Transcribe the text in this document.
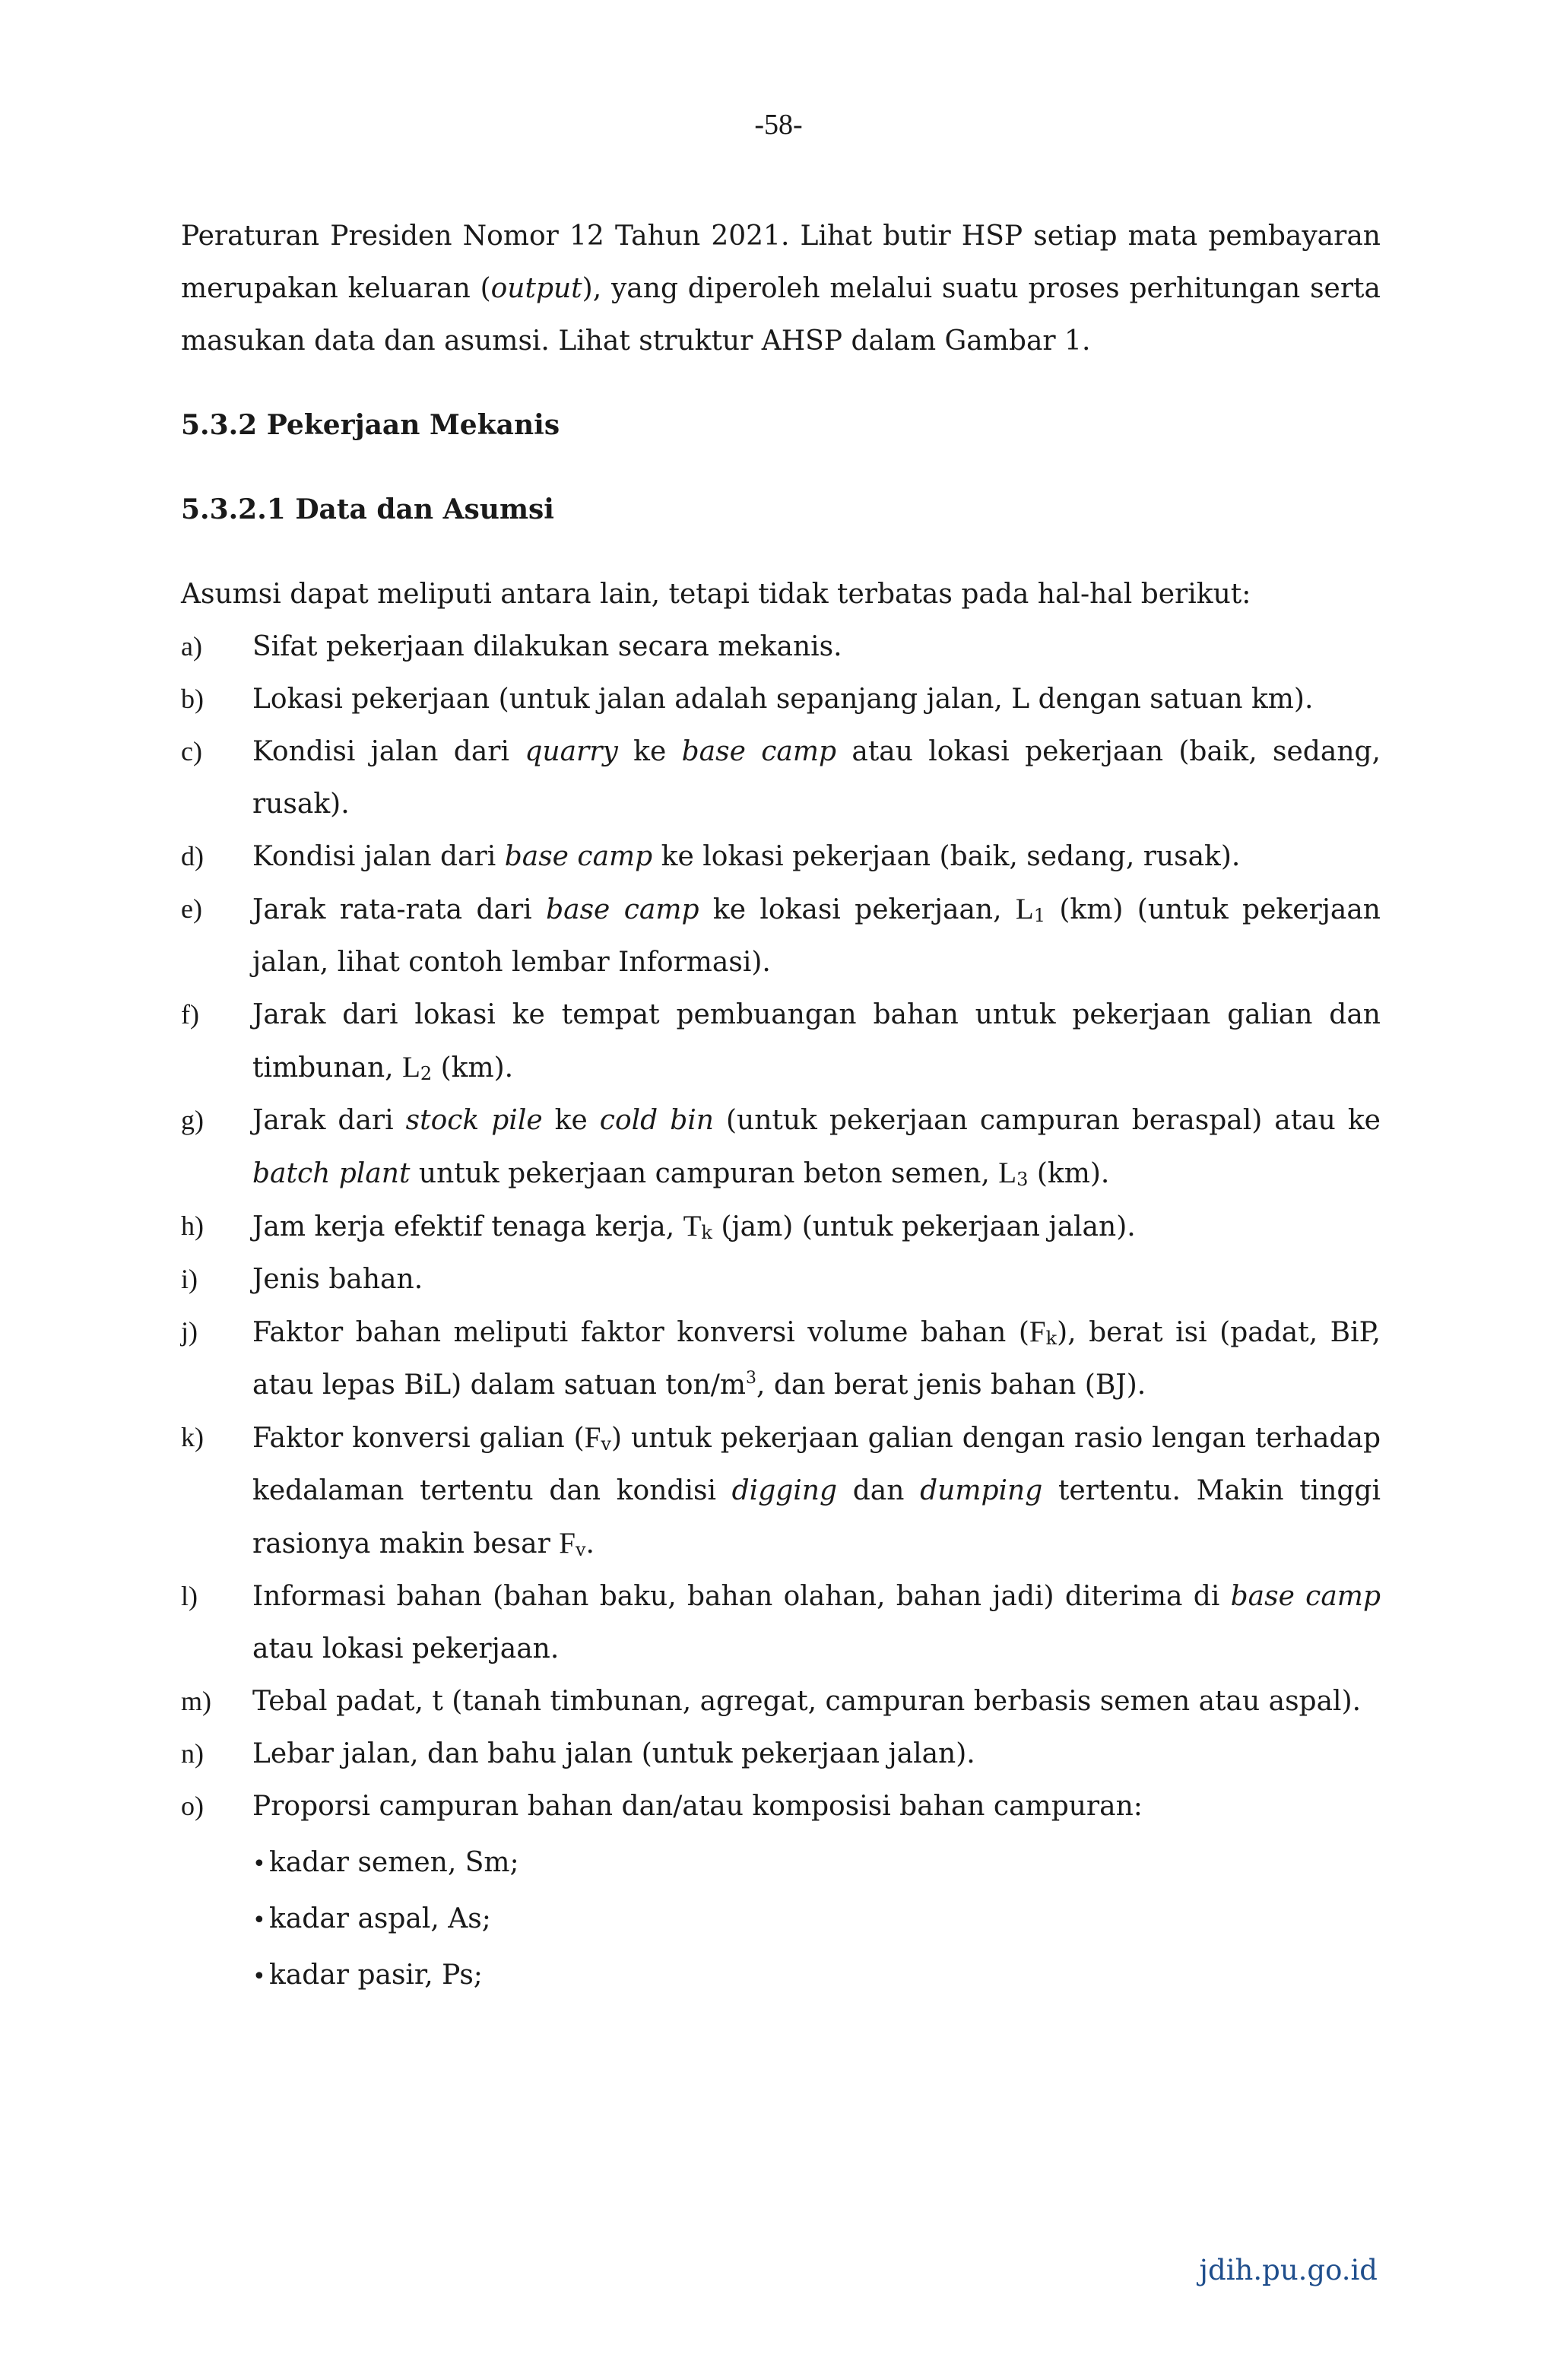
-58-

Peraturan Presiden Nomor 12 Tahun 2021. Lihat butir HSP setiap mata pembayaran merupakan keluaran (output), yang diperoleh melalui suatu proses perhitungan serta masukan data dan asumsi. Lihat struktur AHSP dalam Gambar 1.

5.3.2 Pekerjaan Mekanis

5.3.2.1 Data dan Asumsi

Asumsi dapat meliputi antara lain, tetapi tidak terbatas pada hal-hal berikut:

a) Sifat pekerjaan dilakukan secara mekanis.
b) Lokasi pekerjaan (untuk jalan adalah sepanjang jalan, L dengan satuan km).
c) Kondisi jalan dari quarry ke base camp atau lokasi pekerjaan (baik, sedang, rusak).
d) Kondisi jalan dari base camp ke lokasi pekerjaan (baik, sedang, rusak).
e) Jarak rata-rata dari base camp ke lokasi pekerjaan, L1 (km) (untuk pekerjaan jalan, lihat contoh lembar Informasi).
f) Jarak dari lokasi ke tempat pembuangan bahan untuk pekerjaan galian dan timbunan, L2 (km).
g) Jarak dari stock pile ke cold bin (untuk pekerjaan campuran beraspal) atau ke batch plant untuk pekerjaan campuran beton semen, L3 (km).
h) Jam kerja efektif tenaga kerja, Tk (jam) (untuk pekerjaan jalan).
i) Jenis bahan.
j) Faktor bahan meliputi faktor konversi volume bahan (Fk), berat isi (padat, BiP, atau lepas BiL) dalam satuan ton/$m^3$, dan berat jenis bahan (BJ).
k) Faktor konversi galian (Fv) untuk pekerjaan galian dengan rasio lengan terhadap kedalaman tertentu dan kondisi digging dan dumping tertentu. Makin tinggi rasionya makin besar Fv.
l) Informasi bahan (bahan baku, bahan olahan, bahan jadi) diterima di base camp atau lokasi pekerjaan.
m) Tebal padat, t (tanah timbunan, agregat, campuran berbasis semen atau aspal).
n) Lebar jalan, dan bahu jalan (untuk pekerjaan jalan).
o) Proporsi campuran bahan dan/atau komposisi bahan campuran:
• kadar semen, Sm;
• kadar aspal, As;
• kadar pasir, Ps;
jdih.pu.go.id
